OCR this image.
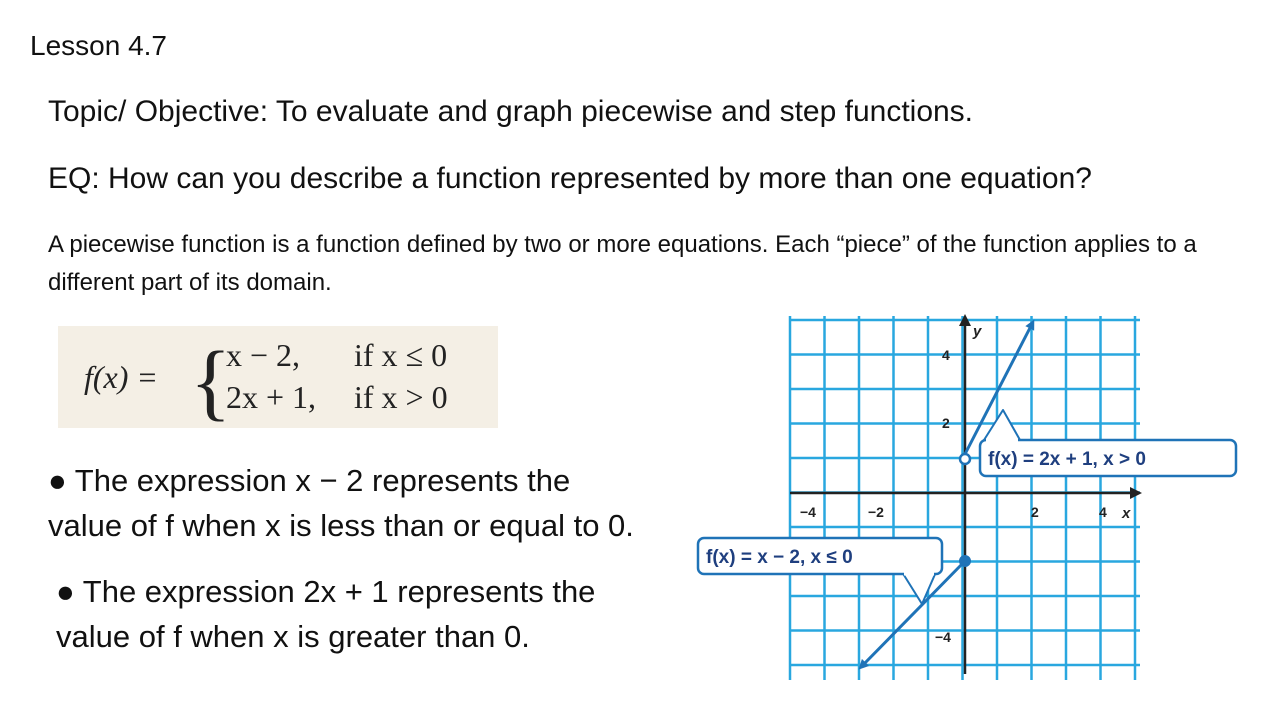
Lesson 4.7
Topic/ Objective: To evaluate and graph piecewise and step functions.
EQ: How can you describe a function represented by more than one equation?
A piecewise function is a function defined by two or more equations. Each “piece” of the function applies to a different part of its domain.
f(x) = {
x − 2, if x ≤ 0
2x + 1, if x > 0
● The expression x − 2 represents the
value of f when x is less than or equal to 0.
● The expression 2x + 1 represents the
value of f when x is greater than 0.
x
y
−4	−2	2	4
4
2
−4
f(x) = 2x + 1, x > 0
f(x) = x − 2, x ≤ 0
